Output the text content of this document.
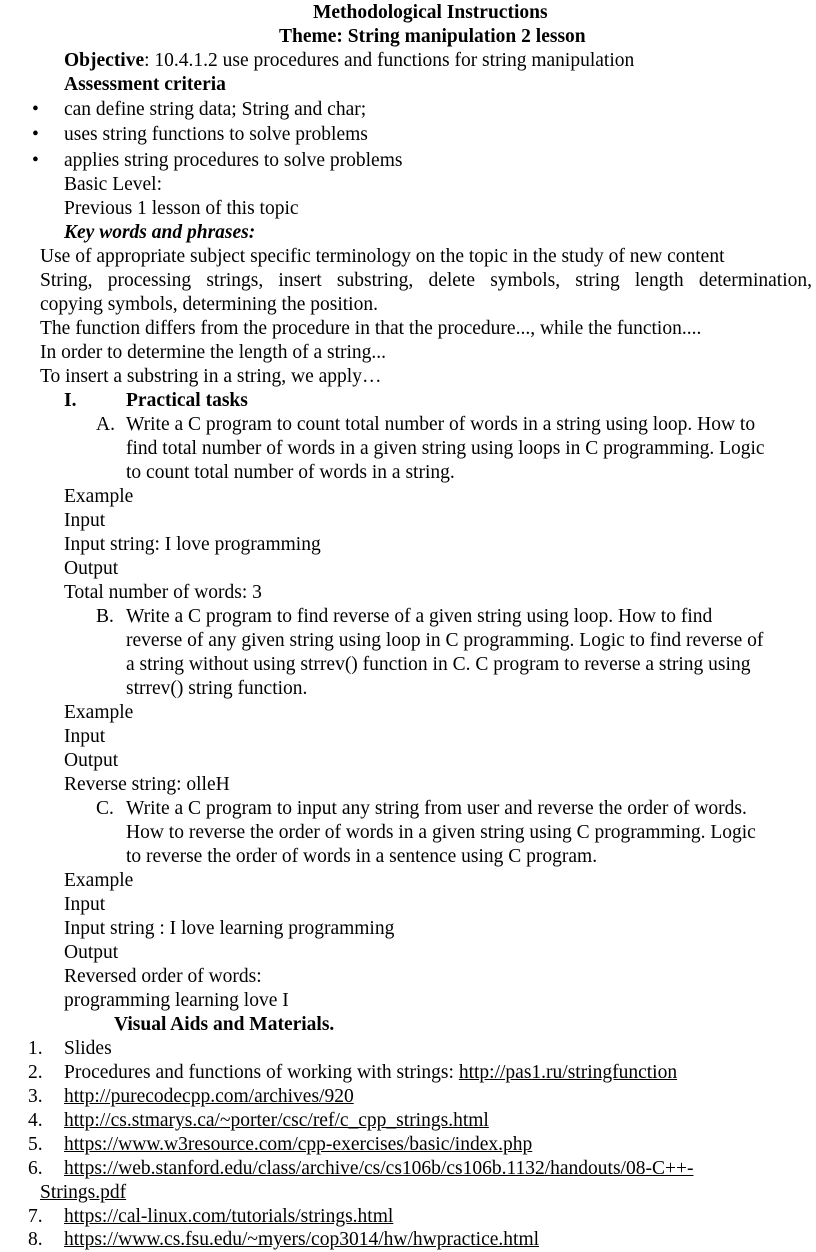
Methodological Instructions
Theme: String manipulation 2 lesson
Objective: 10.4.1.2 use procedures and functions for string manipulation
Assessment criteria
• can define string data; String and char;
• uses string functions to solve problems
• applies string procedures to solve problems
Basic Level:
Previous 1 lesson of this topic
Key words and phrases:
Use of appropriate subject specific terminology on the topic in the study of new content
String, processing strings, insert substring, delete symbols, string length determination,
copying symbols, determining the position.
The function differs from the procedure in that the procedure..., while the function....
In order to determine the length of a string...
To insert a substring in a string, we apply…
I.	Practical tasks
A. Write a C program to count total number of words in a string using loop. How to
find total number of words in a given string using loops in C programming. Logic
to count total number of words in a string.
Example
Input
Input string: I love programming
Output
Total number of words: 3
B. Write a C program to find reverse of a given string using loop. How to find
reverse of any given string using loop in C programming. Logic to find reverse of
a string without using strrev() function in C. C program to reverse a string using
strrev() string function.
Example
Input
Output
Reverse string: olleH
C. Write a C program to input any string from user and reverse the order of words.
How to reverse the order of words in a given string using C programming. Logic
to reverse the order of words in a sentence using C program.
Example
Input
Input string : I love learning programming
Output
Reversed order of words:
programming learning love I
Visual Aids and Materials.
1. Slides
2. Procedures and functions of working with strings: http://pas1.ru/stringfunction
3. http://purecodecpp.com/archives/920
4. http://cs.stmarys.ca/~porter/csc/ref/c_cpp_strings.html
5. https://www.w3resource.com/cpp-exercises/basic/index.php
6. https://web.stanford.edu/class/archive/cs/cs106b/cs106b.1132/handouts/08-C++-
Strings.pdf
7. https://cal-linux.com/tutorials/strings.html
8. https://www.cs.fsu.edu/~myers/cop3014/hw/hwpractice.html
